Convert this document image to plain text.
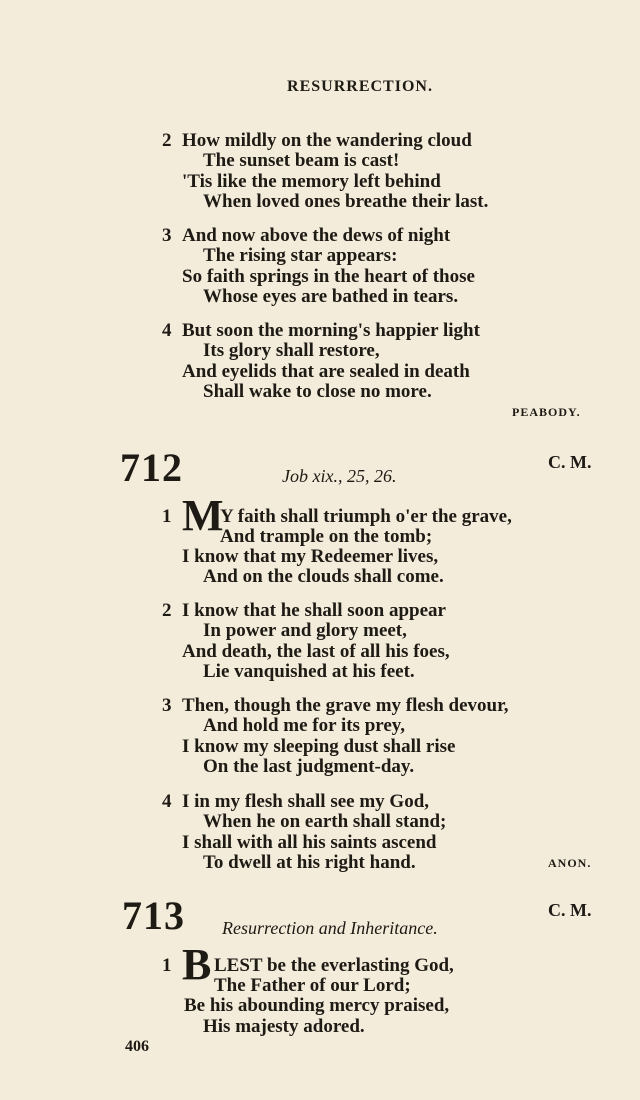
RESURRECTION.
2 How mildly on the wandering cloud
The sunset beam is cast!
'Tis like the memory left behind
When loved ones breathe their last.
3 And now above the dews of night
The rising star appears:
So faith springs in the heart of those
Whose eyes are bathed in tears.
4 But soon the morning's happier light
Its glory shall restore,
And eyelids that are sealed in death
Shall wake to close no more.
PEABODY.
712	Job xix., 25, 26.
C. M.
1 M
Y faith shall triumph o'er the grave,
And trample on the tomb;
I know that my Redeemer lives,
And on the clouds shall come.
2 I know that he shall soon appear
In power and glory meet,
And death, the last of all his foes,
Lie vanquished at his feet.
3 Then, though the grave my flesh devour,
And hold me for its prey,
I know my sleeping dust shall rise
On the last judgment-day.
4 I in my flesh shall see my God,
When he on earth shall stand;
I shall with all his saints ascend
To dwell at his right hand.	ANON.
713 Resurrection and Inheritance.
C. M.
1 B LEST be the everlasting God,
The Father of our Lord;
Be his abounding mercy praised,
His majesty adored.
406
